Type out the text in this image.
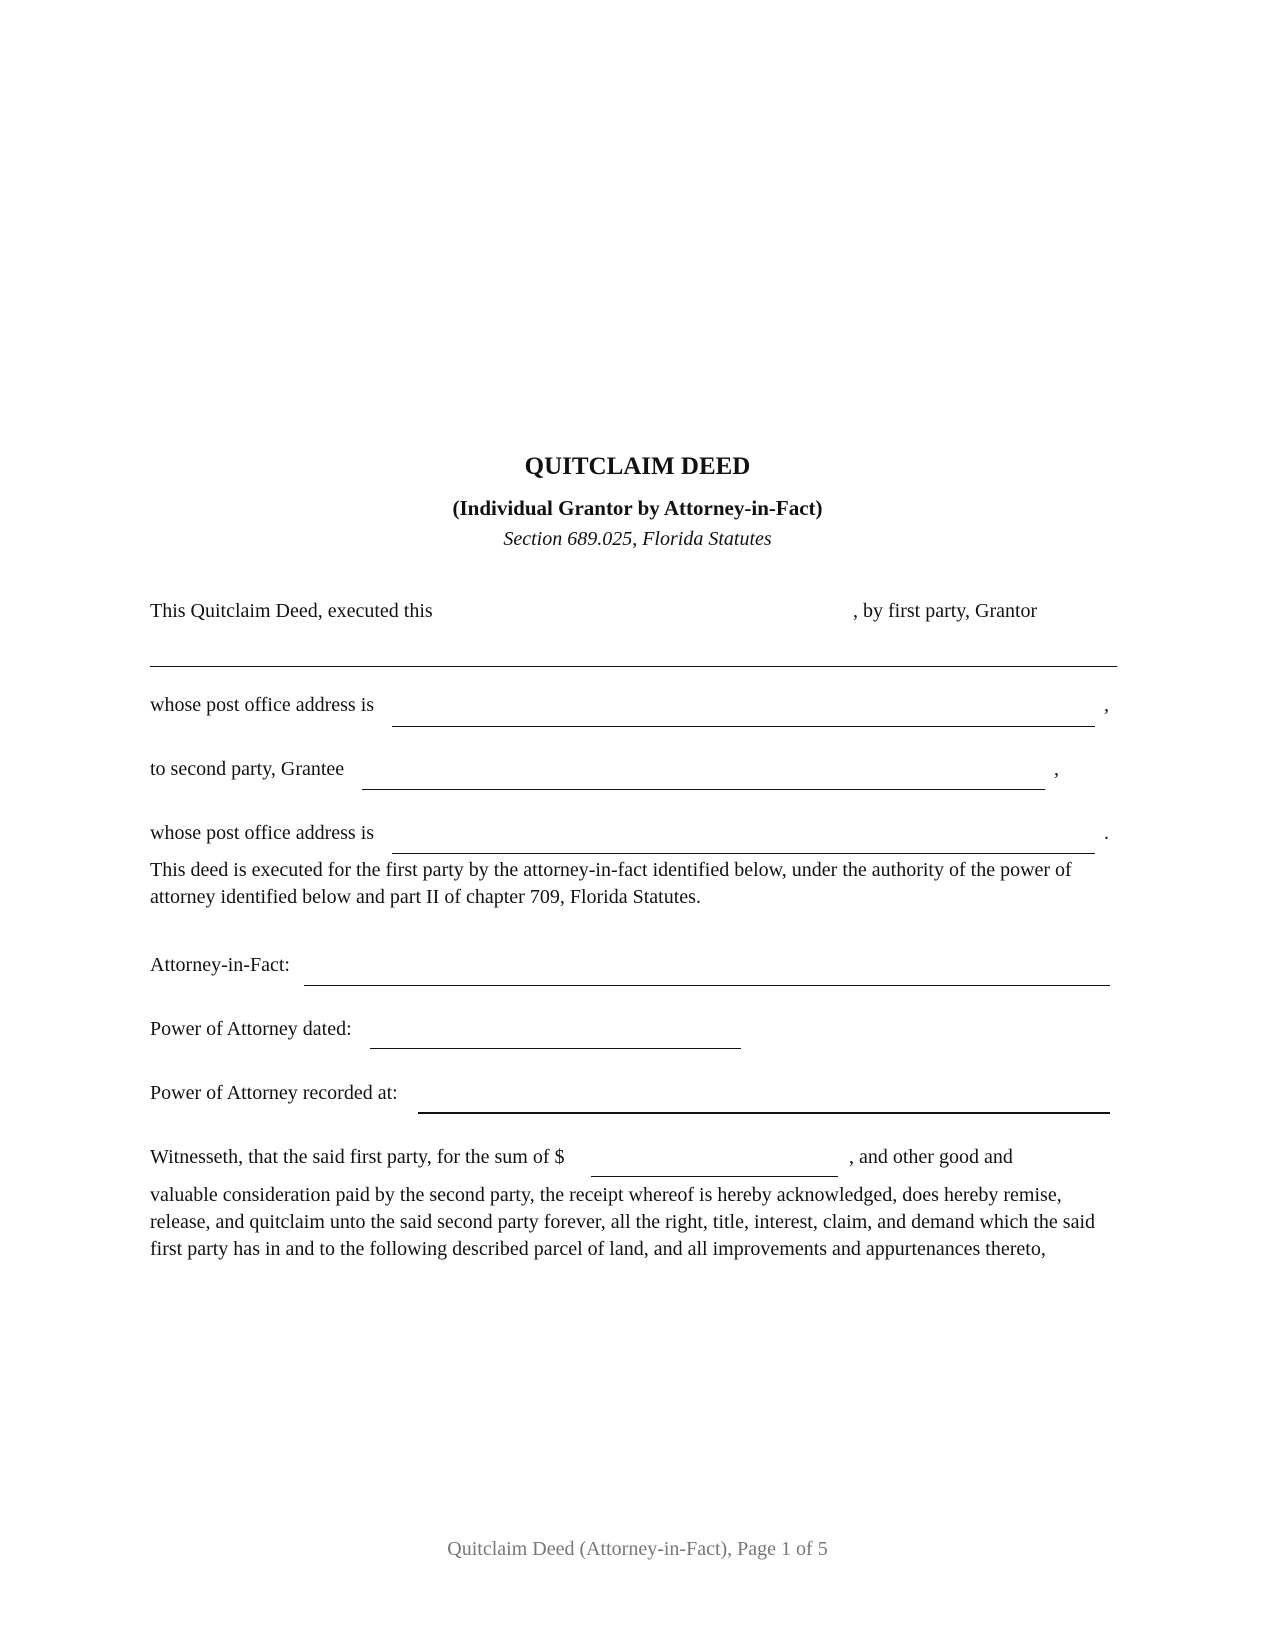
QUITCLAIM DEED
(Individual Grantor by Attorney-in-Fact)
Section 689.025, Florida Statutes
This Quitclaim Deed, executed this	, by first party, Grantor
whose post office address is	,
to second party, Grantee	,
whose post office address is	.
This deed is executed for the first party by the attorney-in-fact identified below, under the authority of the power of attorney identified below and part II of chapter 709, Florida Statutes.
Attorney-in-Fact:
Power of Attorney dated:
Power of Attorney recorded at:
Witnesseth, that the said first party, for the sum of $	, and other good and
valuable consideration paid by the second party, the receipt whereof is hereby acknowledged, does hereby remise, release, and quitclaim unto the said second party forever, all the right, title, interest, claim, and demand which the said first party has in and to the following described parcel of land, and all improvements and appurtenances thereto,
Quitclaim Deed (Attorney-in-Fact), Page 1 of 5
